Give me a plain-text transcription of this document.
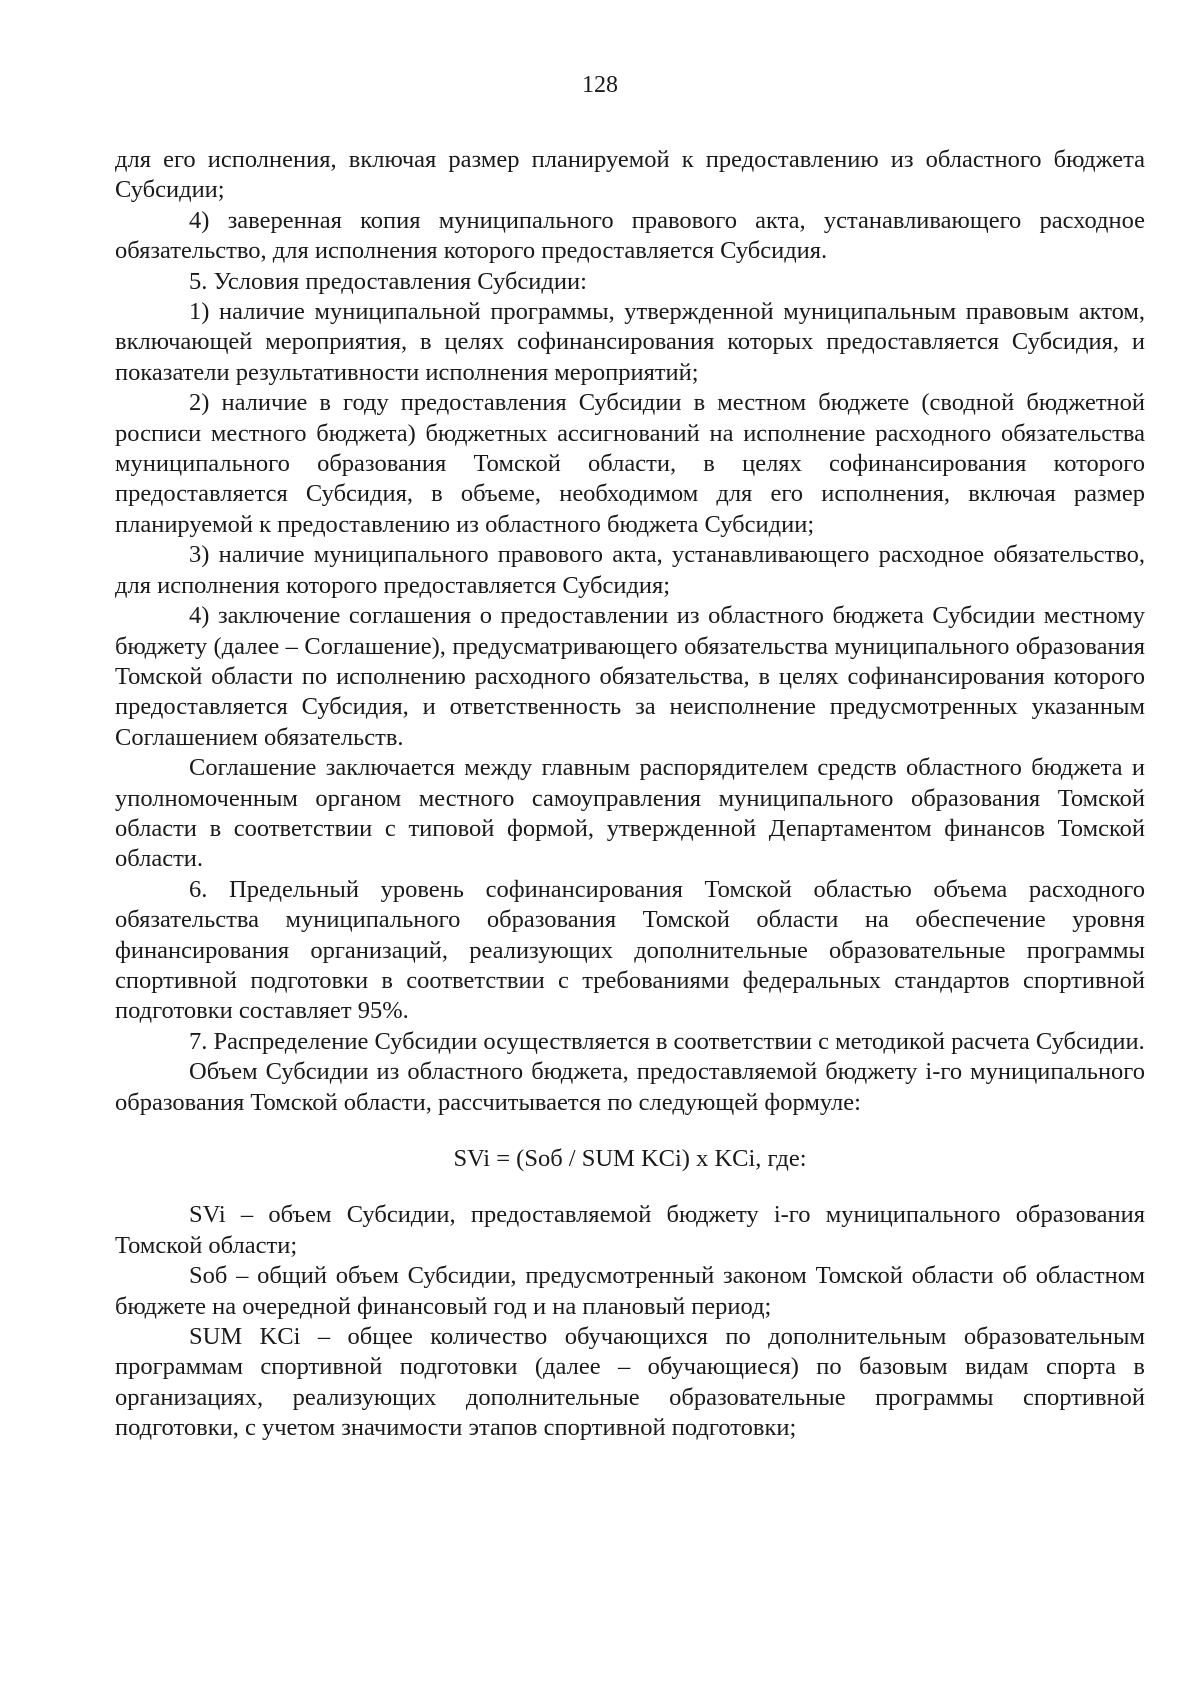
128

для его исполнения, включая размер планируемой к предоставлению из областного бюджета Субсидии;

4) заверенная копия муниципального правового акта, устанавливающего расходное обязательство, для исполнения которого предоставляется Субсидия.

5. Условия предоставления Субсидии:

1) наличие муниципальной программы, утвержденной муниципальным правовым актом, включающей мероприятия, в целях софинансирования которых предоставляется Субсидия, и показатели результативности исполнения мероприятий;

2) наличие в году предоставления Субсидии в местном бюджете (сводной бюджетной росписи местного бюджета) бюджетных ассигнований на исполнение расходного обязательства муниципального образования Томской области, в целях софинансирования которого предоставляется Субсидия, в объеме, необходимом для его исполнения, включая размер планируемой к предоставлению из областного бюджета Субсидии;

3) наличие муниципального правового акта, устанавливающего расходное обязательство, для исполнения которого предоставляется Субсидия;

4) заключение соглашения о предоставлении из областного бюджета Субсидии местному бюджету (далее – Соглашение), предусматривающего обязательства муниципального образования Томской области по исполнению расходного обязательства, в целях софинансирования которого предоставляется Субсидия, и ответственность за неисполнение предусмотренных указанным Соглашением обязательств.

Соглашение заключается между главным распорядителем средств областного бюджета и уполномоченным органом местного самоуправления муниципального образования Томской области в соответствии с типовой формой, утвержденной Департаментом финансов Томской области.

6. Предельный уровень софинансирования Томской областью объема расходного обязательства муниципального образования Томской области на обеспечение уровня финансирования организаций, реализующих дополнительные образовательные программы спортивной подготовки в соответствии с требованиями федеральных стандартов спортивной подготовки составляет 95%.

7. Распределение Субсидии осуществляется в соответствии с методикой расчета Субсидии.

Объем Субсидии из областного бюджета, предоставляемой бюджету i-го муниципального образования Томской области, рассчитывается по следующей формуле:

SVi = (Sоб / SUM KCi) x KCi, где:

SVi – объем Субсидии, предоставляемой бюджету i-го муниципального образования Томской области;

Sоб – общий объем Субсидии, предусмотренный законом Томской области об областном бюджете на очередной финансовый год и на плановый период;

SUM KCi – общее количество обучающихся по дополнительным образовательным программам спортивной подготовки (далее – обучающиеся) по базовым видам спорта в организациях, реализующих дополнительные образовательные программы спортивной подготовки, с учетом значимости этапов спортивной подготовки;
